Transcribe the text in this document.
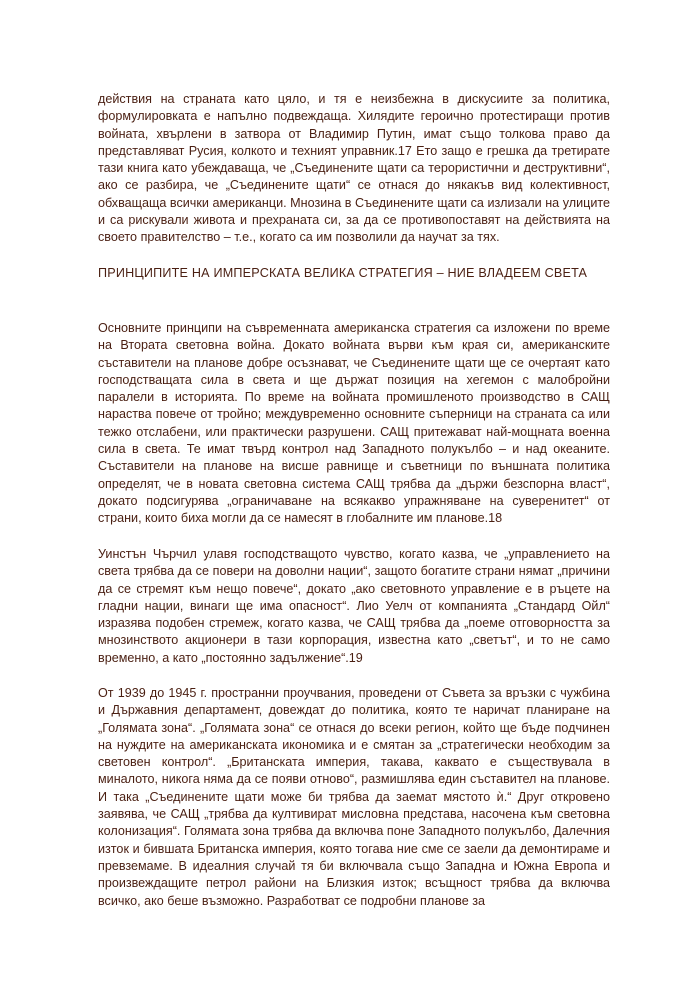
действия на страната като цяло, и тя е неизбежна в дискусиите за политика, формулировката е напълно подвеждаща. Хилядите героично протестиращи против войната, хвърлени в затвора от Владимир Путин, имат също толкова право да представляват Русия, колкото и техният управник.17 Ето защо е грешка да третирате тази книга като убеждаваща, че „Съединените щати са терористични и деструктивни“, ако се разбира, че „Съединените щати“ се отнася до някакъв вид колективност, обхващаща всички американци. Мнозина в Съединените щати са излизали на улиците и са рискували живота и прехраната си, за да се противопоставят на действията на своето правителство – т.е., когато са им позволили да научат за тях.
ПРИНЦИПИТЕ НА ИМПЕРСКАТА ВЕЛИКА СТРАТЕГИЯ – НИЕ ВЛАДЕЕМ СВЕТА
Основните принципи на съвременната американска стратегия са изложени по време на Втората световна война. Докато войната върви към края си, американските съставители на планове добре осъзнават, че Съединените щати ще се очертаят като господстващата сила в света и ще държат позиция на хегемон с малобройни паралели в историята. По време на войната промишленото производство в САЩ нараства повече от тройно; междувременно основните съперници на страната са или тежко отслабени, или практически разрушени. САЩ притежават най-мощната военна сила в света. Те имат твърд контрол над Западното полукълбо – и над океаните. Съставители на планове на висше равнище и съветници по външната политика определят, че в новата световна система САЩ трябва да „държи безспорна власт“, докато подсигурява „ограничаване на всякакво упражняване на суверенитет“ от страни, които биха могли да се намесят в глобалните им планове.18
Уинстън Чърчил улавя господстващото чувство, когато казва, че „управлението на света трябва да се повери на доволни нации“, защото богатите страни нямат „причини да се стремят към нещо повече“, докато „ако световното управление е в ръцете на гладни нации, винаги ще има опасност“. Лио Уелч от компанията „Стандард Ойл“ изразява подобен стремеж, когато казва, че САЩ трябва да „поеме отговорността за мнозинството акционери в тази корпорация, известна като „светът“, и то не само временно, а като „постоянно задължение“.19
От 1939 до 1945 г. пространни проучвания, проведени от Съвета за връзки с чужбина и Държавния департамент, довеждат до политика, която те наричат планиране на „Голямата зона“. „Голямата зона“ се отнася до всеки регион, който ще бъде подчинен на нуждите на американската икономика и е смятан за „стратегически необходим за световен контрол“. „Британската империя, такава, каквато е съществувала в миналото, никога няма да се появи отново“, размишлява един съставител на планове. И така „Съединените щати може би трябва да заемат мястото ѝ.“ Друг откровено заявява, че САЩ „трябва да култивират мисловна представа, насочена към световна колонизация“. Голямата зона трябва да включва поне Западното полукълбо, Далечния изток и бившата Британска империя, която тогава ние сме се заели да демонтираме и превземаме. В идеалния случай тя би включвала също Западна и Южна Европа и произвеждащите петрол райони на Близкия изток; всъщност трябва да включва всичко, ако беше възможно. Разработват се подробни планове за
